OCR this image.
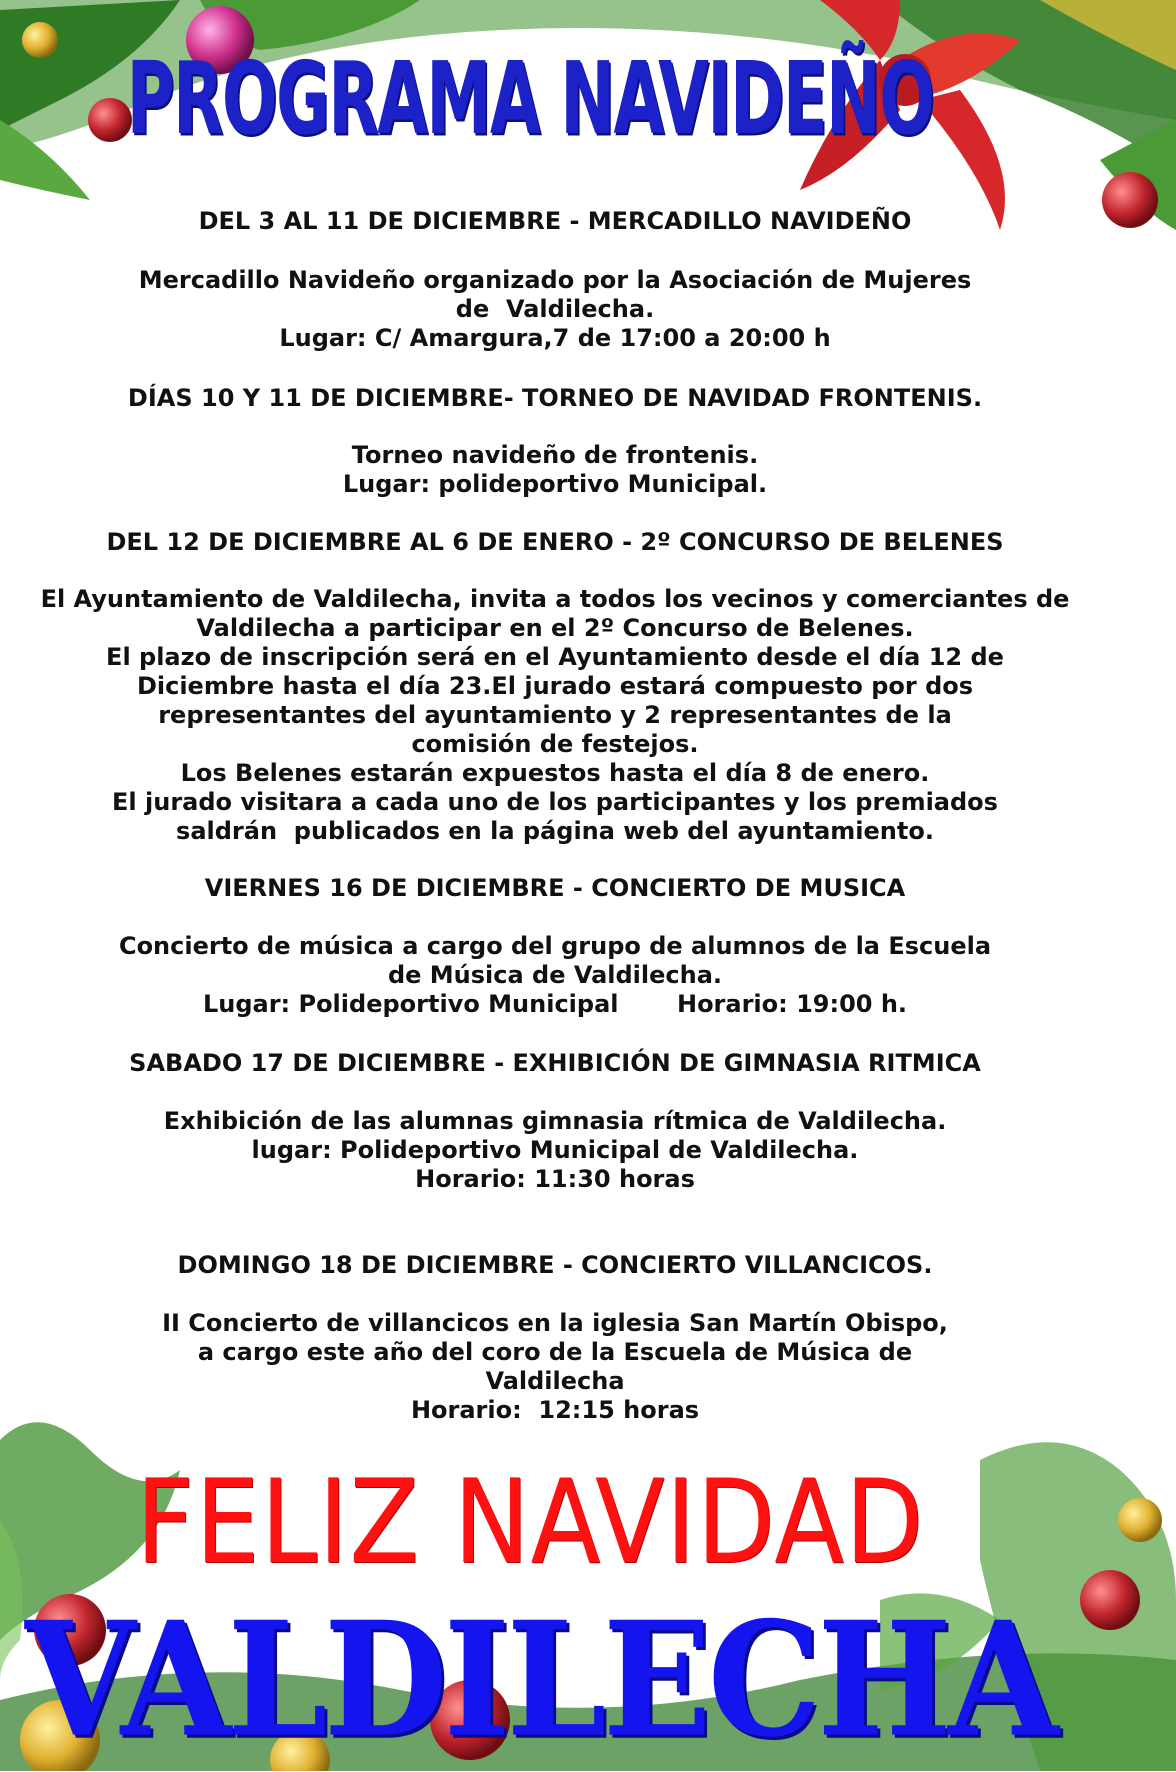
PROGRAMA NAVIDEÑO

DEL 3 AL 11 DE DICIEMBRE - MERCADILLO NAVIDEÑO

Mercadillo Navideño organizado por la Asociación de Mujeres

de  Valdilecha.

Lugar: C/ Amargura,7 de 17:00 a 20:00 h

DÍAS 10 Y 11 DE DICIEMBRE- TORNEO DE NAVIDAD FRONTENIS.

Torneo navideño de frontenis.

Lugar: polideportivo Municipal.

DEL 12 DE DICIEMBRE AL 6 DE ENERO - 2º CONCURSO DE BELENES

El Ayuntamiento de Valdilecha, invita a todos los vecinos y comerciantes de

Valdilecha a participar en el 2º Concurso de Belenes.

El plazo de inscripción será en el Ayuntamiento desde el día 12 de

Diciembre hasta el día 23.El jurado estará compuesto por dos

representantes del ayuntamiento y 2 representantes de la

comisión de festejos.

Los Belenes estarán expuestos hasta el día 8 de enero.

El jurado visitara a cada uno de los participantes y los premiados

saldrán  publicados en la página web del ayuntamiento.

VIERNES 16 DE DICIEMBRE - CONCIERTO DE MUSICA

Concierto de música a cargo del grupo de alumnos de la Escuela

de Música de Valdilecha.

Lugar: Polideportivo Municipal       Horario: 19:00 h.

SABADO 17 DE DICIEMBRE - EXHIBICIÓN DE GIMNASIA RITMICA

Exhibición de las alumnas gimnasia rítmica de Valdilecha.

lugar: Polideportivo Municipal de Valdilecha.

Horario: 11:30 horas

DOMINGO 18 DE DICIEMBRE - CONCIERTO VILLANCICOS.

II Concierto de villancicos en la iglesia San Martín Obispo,

a cargo este año del coro de la Escuela de Música de

Valdilecha

Horario:  12:15 horas

FELIZ NAVIDAD
VALDILECHA
